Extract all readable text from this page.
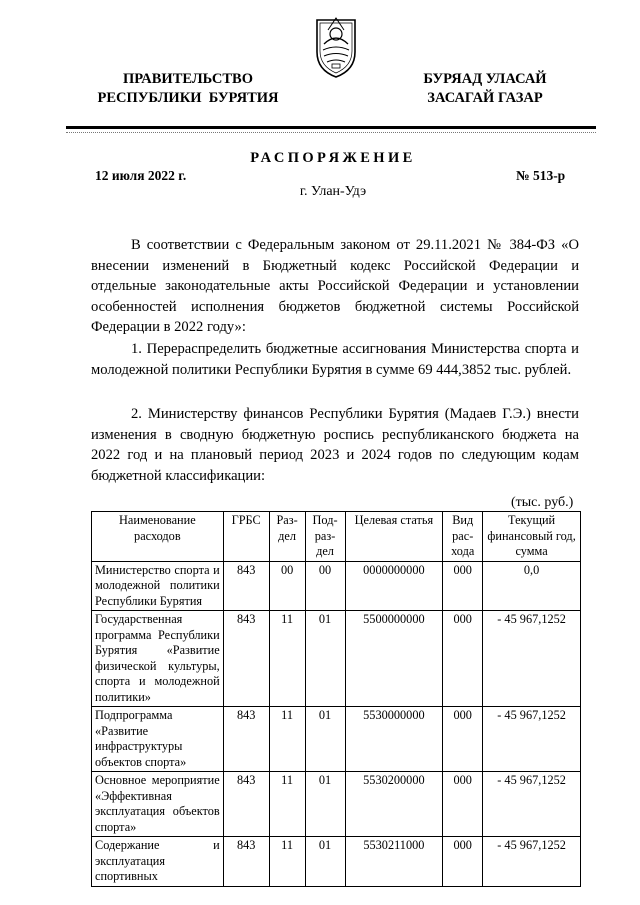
ПРАВИТЕЛЬСТВО
РЕСПУБЛИКИ  БУРЯТИЯ
БУРЯАД УЛАСАЙ
ЗАСАГАЙ ГАЗАР
РАСПОРЯЖЕНИЕ
12 июля 2022 г.	№ 513-р
г. Улан-Удэ

В соответствии с Федеральным законом от 29.11.2021 № 384-ФЗ «О внесении изменений в Бюджетный кодекс Российской Федерации и отдельные законодательные акты Российской Федерации и установлении особенностей исполнения бюджетов бюджетной системы Российской Федерации в 2022 году»:

1. Перераспределить бюджетные ассигнования Министерства спорта и молодежной политики Республики Бурятия в сумме 69 444,3852 тыс. рублей.

2. Министерству финансов Республики Бурятия (Мадаев Г.Э.) внести изменения в сводную бюджетную роспись республиканского бюджета на 2022 год и на плановый период 2023 и 2024 годов по следующим кодам бюджетной классификации:

(тыс. руб.)
Наименование расходов	ГРБС	Раз-дел	Под-раз-дел	Целевая статья	Вид рас-хода	Текущий финансовый год, сумма
Министерство спорта и молодежной политики Республики Бурятия	843	00	00	0000000000	000	0,0
Государственная программа Республики Бурятия «Развитие физической культуры, спорта и молодежной политики»	843	11	01	5500000000	000	- 45 967,1252
Подпрограмма «Развитие инфраструктуры объектов спорта»	843	11	01	5530000000	000	- 45 967,1252
Основное мероприятие «Эффективная эксплуатация объектов спорта»	843	11	01	5530200000	000	- 45 967,1252
Содержание и эксплуатация спортивных	843	11	01	5530211000	000	- 45 967,1252
